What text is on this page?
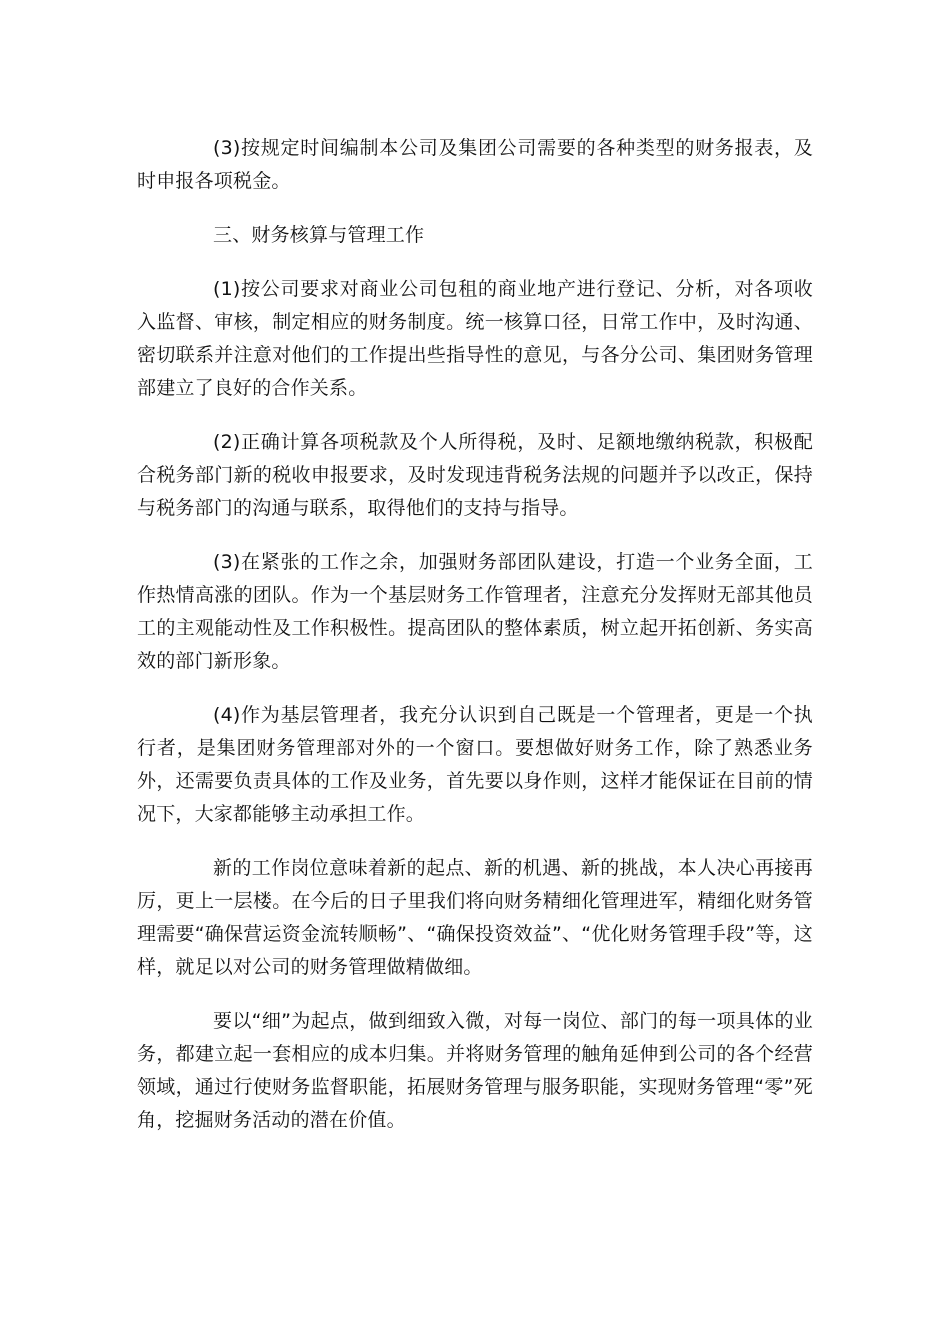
(3)按规定时间编制本公司及集团公司需要的各种类型的财务报表，及时申报各项税金。

三、财务核算与管理工作

(1)按公司要求对商业公司包租的商业地产进行登记、分析，对各项收入监督、审核，制定相应的财务制度。统一核算口径，日常工作中，及时沟通、密切联系并注意对他们的工作提出些指导性的意见，与各分公司、集团财务管理部建立了良好的合作关系。

(2)正确计算各项税款及个人所得税，及时、足额地缴纳税款，积极配合税务部门新的税收申报要求，及时发现违背税务法规的问题并予以改正，保持与税务部门的沟通与联系，取得他们的支持与指导。

(3)在紧张的工作之余，加强财务部团队建设，打造一个业务全面，工作热情高涨的团队。作为一个基层财务工作管理者，注意充分发挥财无部其他员工的主观能动性及工作积极性。提高团队的整体素质，树立起开拓创新、务实高效的部门新形象。

(4)作为基层管理者，我充分认识到自己既是一个管理者，更是一个执行者，是集团财务管理部对外的一个窗口。要想做好财务工作，除了熟悉业务外，还需要负责具体的工作及业务，首先要以身作则，这样才能保证在目前的情况下，大家都能够主动承担工作。

新的工作岗位意味着新的起点、新的机遇、新的挑战，本人决心再接再厉，更上一层楼。在今后的日子里我们将向财务精细化管理进军，精细化财务管理需要“确保营运资金流转顺畅”、“确保投资效益”、“优化财务管理手段”等，这样，就足以对公司的财务管理做精做细。

要以“细”为起点，做到细致入微，对每一岗位、部门的每一项具体的业务，都建立起一套相应的成本归集。并将财务管理的触角延伸到公司的各个经营领域，通过行使财务监督职能，拓展财务管理与服务职能，实现财务管理“零”死角，挖掘财务活动的潜在价值。
